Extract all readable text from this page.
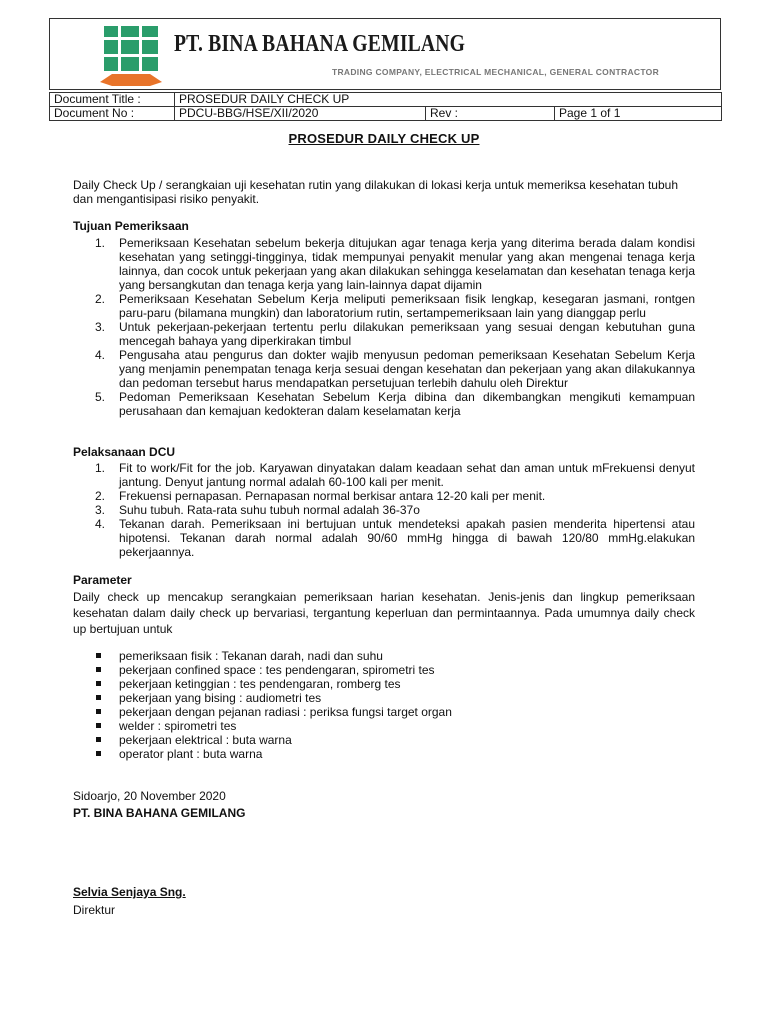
PT. BINA BAHANA GEMILANG
TRADING COMPANY, ELECTRICAL MECHANICAL, GENERAL CONTRACTOR
Document Title :	PROSEDUR DAILY CHECK UP		
Document No :	PDCU-BBG/HSE/XII/2020	Rev :	Page 1 of 1
PROSEDUR DAILY CHECK UP
Daily Check Up / serangkaian uji kesehatan rutin yang dilakukan di lokasi kerja untuk memeriksa kesehatan tubuh dan mengantisipasi risiko penyakit.
Tujuan Pemeriksaan
1. Pemeriksaan Kesehatan sebelum bekerja ditujukan agar tenaga kerja yang diterima berada dalam kondisi kesehatan yang setinggi-tingginya, tidak mempunyai penyakit menular yang akan mengenai tenaga kerja lainnya, dan cocok untuk pekerjaan yang akan dilakukan sehingga keselamatan dan kesehatan tenaga kerja yang bersangkutan dan tenaga kerja yang lain-lainnya dapat dijamin
2. Pemeriksaan Kesehatan Sebelum Kerja meliputi pemeriksaan fisik lengkap, kesegaran jasmani, rontgen paru-paru (bilamana mungkin) dan laboratorium rutin, sertampemeriksaan lain yang dianggap perlu
3. Untuk pekerjaan-pekerjaan tertentu perlu dilakukan pemeriksaan yang sesuai dengan kebutuhan guna mencegah bahaya yang diperkirakan timbul
4. Pengusaha atau pengurus dan dokter wajib menyusun pedoman pemeriksaan Kesehatan Sebelum Kerja yang menjamin penempatan tenaga kerja sesuai dengan kesehatan dan pekerjaan yang akan dilakukannya dan pedoman tersebut harus mendapatkan persetujuan terlebih dahulu oleh Direktur
5. Pedoman Pemeriksaan Kesehatan Sebelum Kerja dibina dan dikembangkan mengikuti kemampuan perusahaan dan kemajuan kedokteran dalam keselamatan kerja
Pelaksanaan DCU
1. Fit to work/Fit for the job. Karyawan dinyatakan dalam keadaan sehat dan aman untuk mFrekuensi denyut jantung. Denyut jantung normal adalah 60-100 kali per menit.
2. Frekuensi pernapasan. Pernapasan normal berkisar antara 12-20 kali per menit.
3. Suhu tubuh. Rata-rata suhu tubuh normal adalah 36-37o
4. Tekanan darah. Pemeriksaan ini bertujuan untuk mendeteksi apakah pasien menderita hipertensi atau hipotensi. Tekanan darah normal adalah 90/60 mmHg hingga di bawah 120/80 mmHg.elakukan pekerjaannya.
Parameter
Daily check up mencakup serangkaian pemeriksaan harian kesehatan. Jenis-jenis dan lingkup pemeriksaan kesehatan dalam daily check up bervariasi, tergantung keperluan dan permintaannya. Pada umumnya daily check up bertujuan untuk
pemeriksaan fisik : Tekanan darah, nadi dan suhu
pekerjaan confined space : tes pendengaran, spirometri tes
pekerjaan ketinggian : tes pendengaran, romberg tes
pekerjaan yang bising : audiometri tes
pekerjaan dengan pejanan radiasi : periksa fungsi target organ
welder : spirometri tes
pekerjaan elektrical : buta warna
operator plant : buta warna
Sidoarjo, 20 November 2020
PT. BINA BAHANA GEMILANG
Selvia Senjaya Sng.
Direktur
